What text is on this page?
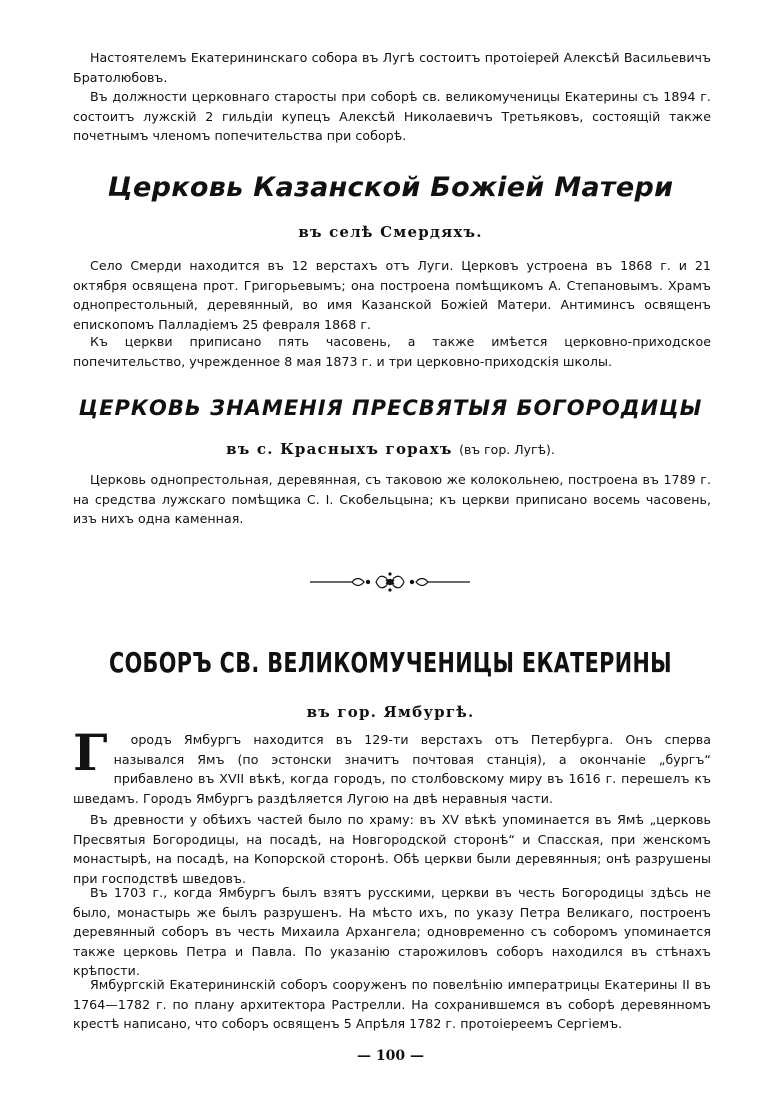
Настоятелемъ Екатерининскаго собора въ Лугѣ состоитъ протоіерей Алексѣй Васильевичъ Братолюбовъ.

Въ должности церковнаго старосты при соборѣ св. великомученицы Екатерины съ 1894 г. состоитъ лужскій 2 гильдіи купецъ Алексѣй Николаевичъ Третьяковъ, состоящій также почетнымъ членомъ попечительства при соборѣ.

Церковь Казанской Божіей Матери
въ селѣ Смердяхъ.

Село Смерди находится въ 12 верстахъ отъ Луги. Церковъ устроена въ 1868 г. и 21 октября освящена прот. Григорьевымъ; она построена помѣщикомъ А. Степановымъ. Храмъ однопрестольный, деревянный, во имя Казанской Божіей Матери. Антиминсъ освященъ епископомъ Палладіемъ 25 февраля 1868 г.

Къ церкви приписано пять часовень, а также имѣется церковно-приходское попечительство, учрежденное 8 мая 1873 г. и три церковно-приходскія школы.

ЦЕРКОВЬ ЗНАМЕНІЯ ПРЕСВЯТЫЯ БОГОРОДИЦЫ
въ с. Красныхъ горахъ (въ гор. Лугѣ).

Церковь однопрестольная, деревянная, съ таковою же колокольнею, построена въ 1789 г. на средства лужскаго помѣщика С. І. Скобельцына; къ церкви приписано восемь часовень, изъ нихъ одна каменная.

СОБОРЪ СВ. ВЕЛИКОМУЧЕНИЦЫ ЕКАТЕРИНЫ
въ гор. Ямбургѣ.

Г ородъ Ямбургъ находится въ 129-ти верстахъ отъ Петербурга. Онъ сперва назывался Ямъ (по эстонски значитъ почтовая станція), а окончаніе „бургъ“ прибавлено въ XVII вѣкѣ, когда городъ, по столбовскому миру въ 1616 г. перешелъ къ шведамъ. Городъ Ямбургъ раздѣляется Лугою на двѣ неравныя части.

Въ древности у обѣихъ частей было по храму: въ XV вѣкѣ упоминается въ Ямѣ „церковь Пресвятыя Богородицы, на посадѣ, на Новгородской сторонѣ“ и Спасская, при женскомъ монастырѣ, на посадѣ, на Копорской сторонѣ. Обѣ церкви были деревянныя; онѣ разрушены при господствѣ шведовъ.

Въ 1703 г., когда Ямбургъ былъ взятъ русскими, церкви въ честь Богородицы здѣсь не было, монастырь же былъ разрушенъ. На мѣсто ихъ, по указу Петра Великаго, построенъ деревянный соборъ въ честь Михаила Архангела; одновременно съ соборомъ упоминается также церковь Петра и Павла. По указанію старожиловъ соборъ находился въ стѣнахъ крѣпости.

Ямбургскій Екатерининскій соборъ сооруженъ по повелѣнію императрицы Екатерины II въ 1764—1782 г. по плану архитектора Растрелли. На сохранившемся въ соборѣ деревянномъ крестѣ написано, что соборъ освященъ 5 Апрѣля 1782 г. протоіереемъ Сергіемъ.

— 100 —
